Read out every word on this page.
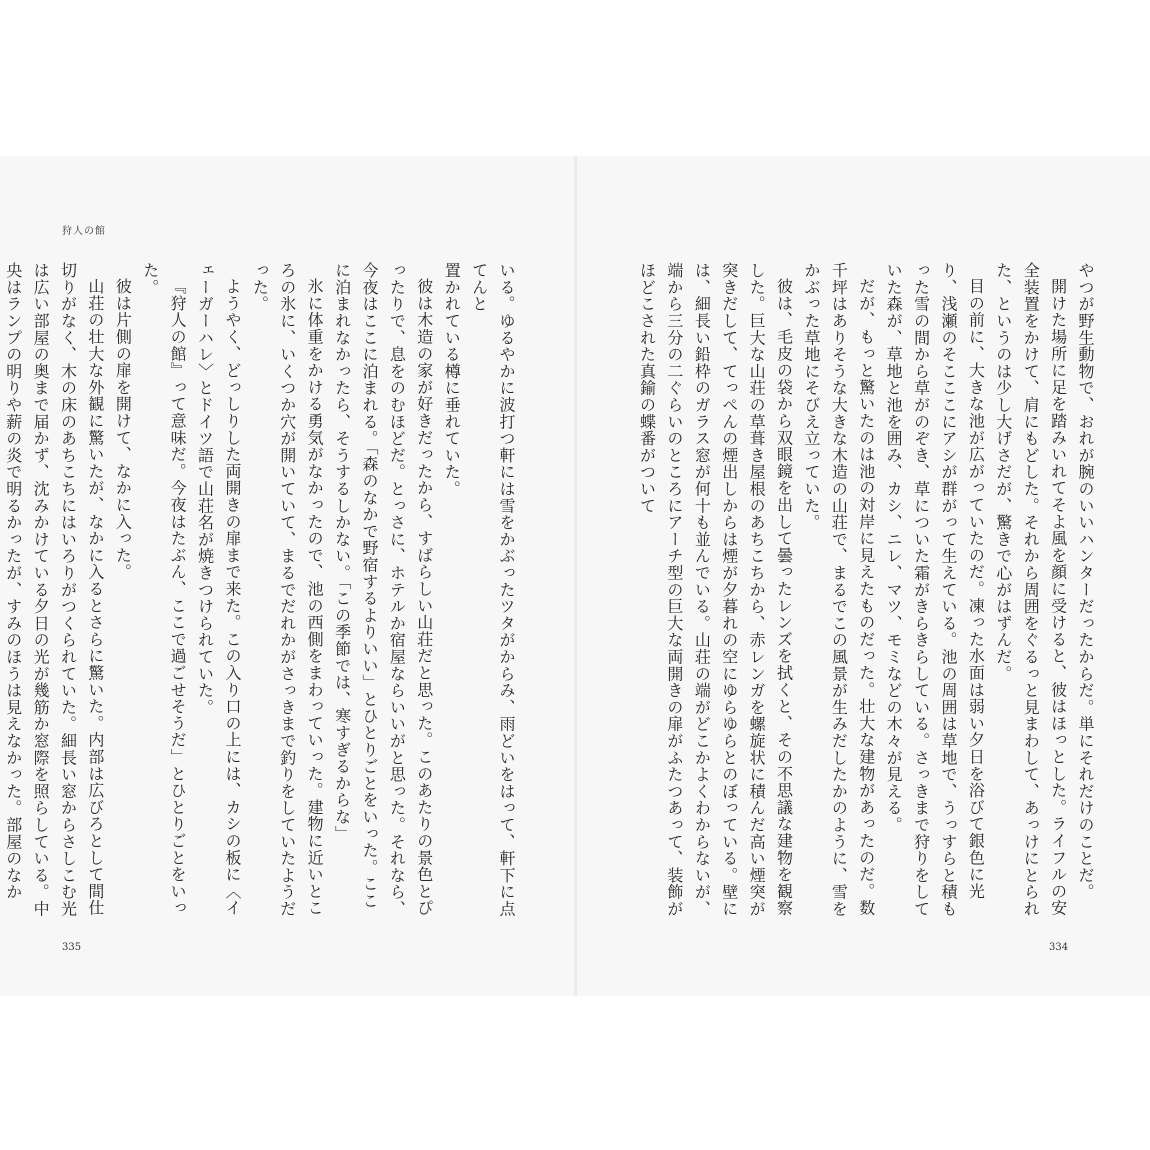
狩人の館

いる。ゆるやかに波打つ軒には雪をかぶったツタがからみ、雨どいをはって、軒下に点てんと

置かれている樽に垂れていた。

彼は木造の家が好きだったから、すばらしい山荘だと思った。このあたりの景色とぴったりで、息をのむほどだ。とっさに、ホテルか宿屋ならいいがと思った。それなら、今夜はここに泊まれる。「森のなかで野宿するよりいい」とひとりごとをいった。ここに泊まれなかったら、そうするしかない。「この季節では、寒すぎるからな」

氷に体重をかける勇気がなかったので、池の西側をまわっていった。建物に近いところの氷に、いくつか穴が開いていて、まるでだれかがさっきまで釣りをしていたようだった。

ようやく、どっしりした両開きの扉まで来た。この入り口の上には、カシの板に〈イェーガーハレ〉とドイツ語で山荘名が焼きつけられていた。

『狩人の館』って意味だ。今夜はたぶん、ここで過ごせそうだ」とひとりごとをいった。

彼は片側の扉を開けて、なかに入った。

山荘の壮大な外観に驚いたが、なかに入るとさらに驚いた。内部は広びろとして間仕切りがなく、木の床のあちこちにはいろりがつくられていた。細長い窓からさしこむ光は広い部屋の奥まで届かず、沈みかけている夕日の光が幾筋か窓際を照らしている。中央はランプの明りや薪の炎で明るかったが、すみのほうは見えなかった。部屋のなか

335

やつが野生動物で、おれが腕のいいハンターだったからだ。単にそれだけのことだ。

開けた場所に足を踏みいれてそよ風を顔に受けると、彼はほっとした。ライフルの安全装置をかけて、肩にもどした。それから周囲をぐるっと見まわして、あっけにとられた、というのは少し大げさだが、驚きで心がはずんだ。

目の前に、大きな池が広がっていたのだ。凍った水面は弱い夕日を浴びて銀色に光り、浅瀬のそこここにアシが群がって生えている。池の周囲は草地で、うっすらと積もった雪の間から草がのぞき、草についた霜がきらきらしている。さっきまで狩りをしていた森が、草地と池を囲み、カシ、ニレ、マツ、モミなどの木々が見える。

だが、もっと驚いたのは池の対岸に見えたものだった。壮大な建物があったのだ。数千坪はありそうな大きな木造の山荘で、まるでこの風景が生みだしたかのように、雪をかぶった草地にそびえ立っていた。

彼は、毛皮の袋から双眼鏡を出して曇ったレンズを拭くと、その不思議な建物を観察した。巨大な山荘の草葺き屋根のあちこちから、赤レンガを螺旋状に積んだ高い煙突が突きだして、てっぺんの煙出しからは煙が夕暮れの空にゆらゆらとのぼっている。壁には、細長い鉛枠のガラス窓が何十も並んでいる。山荘の端がどこかよくわからないが、端から三分の二ぐらいのところにアーチ型の巨大な両開きの扉がふたつあって、装飾がほどこされた真鍮の蝶番がついて

334
